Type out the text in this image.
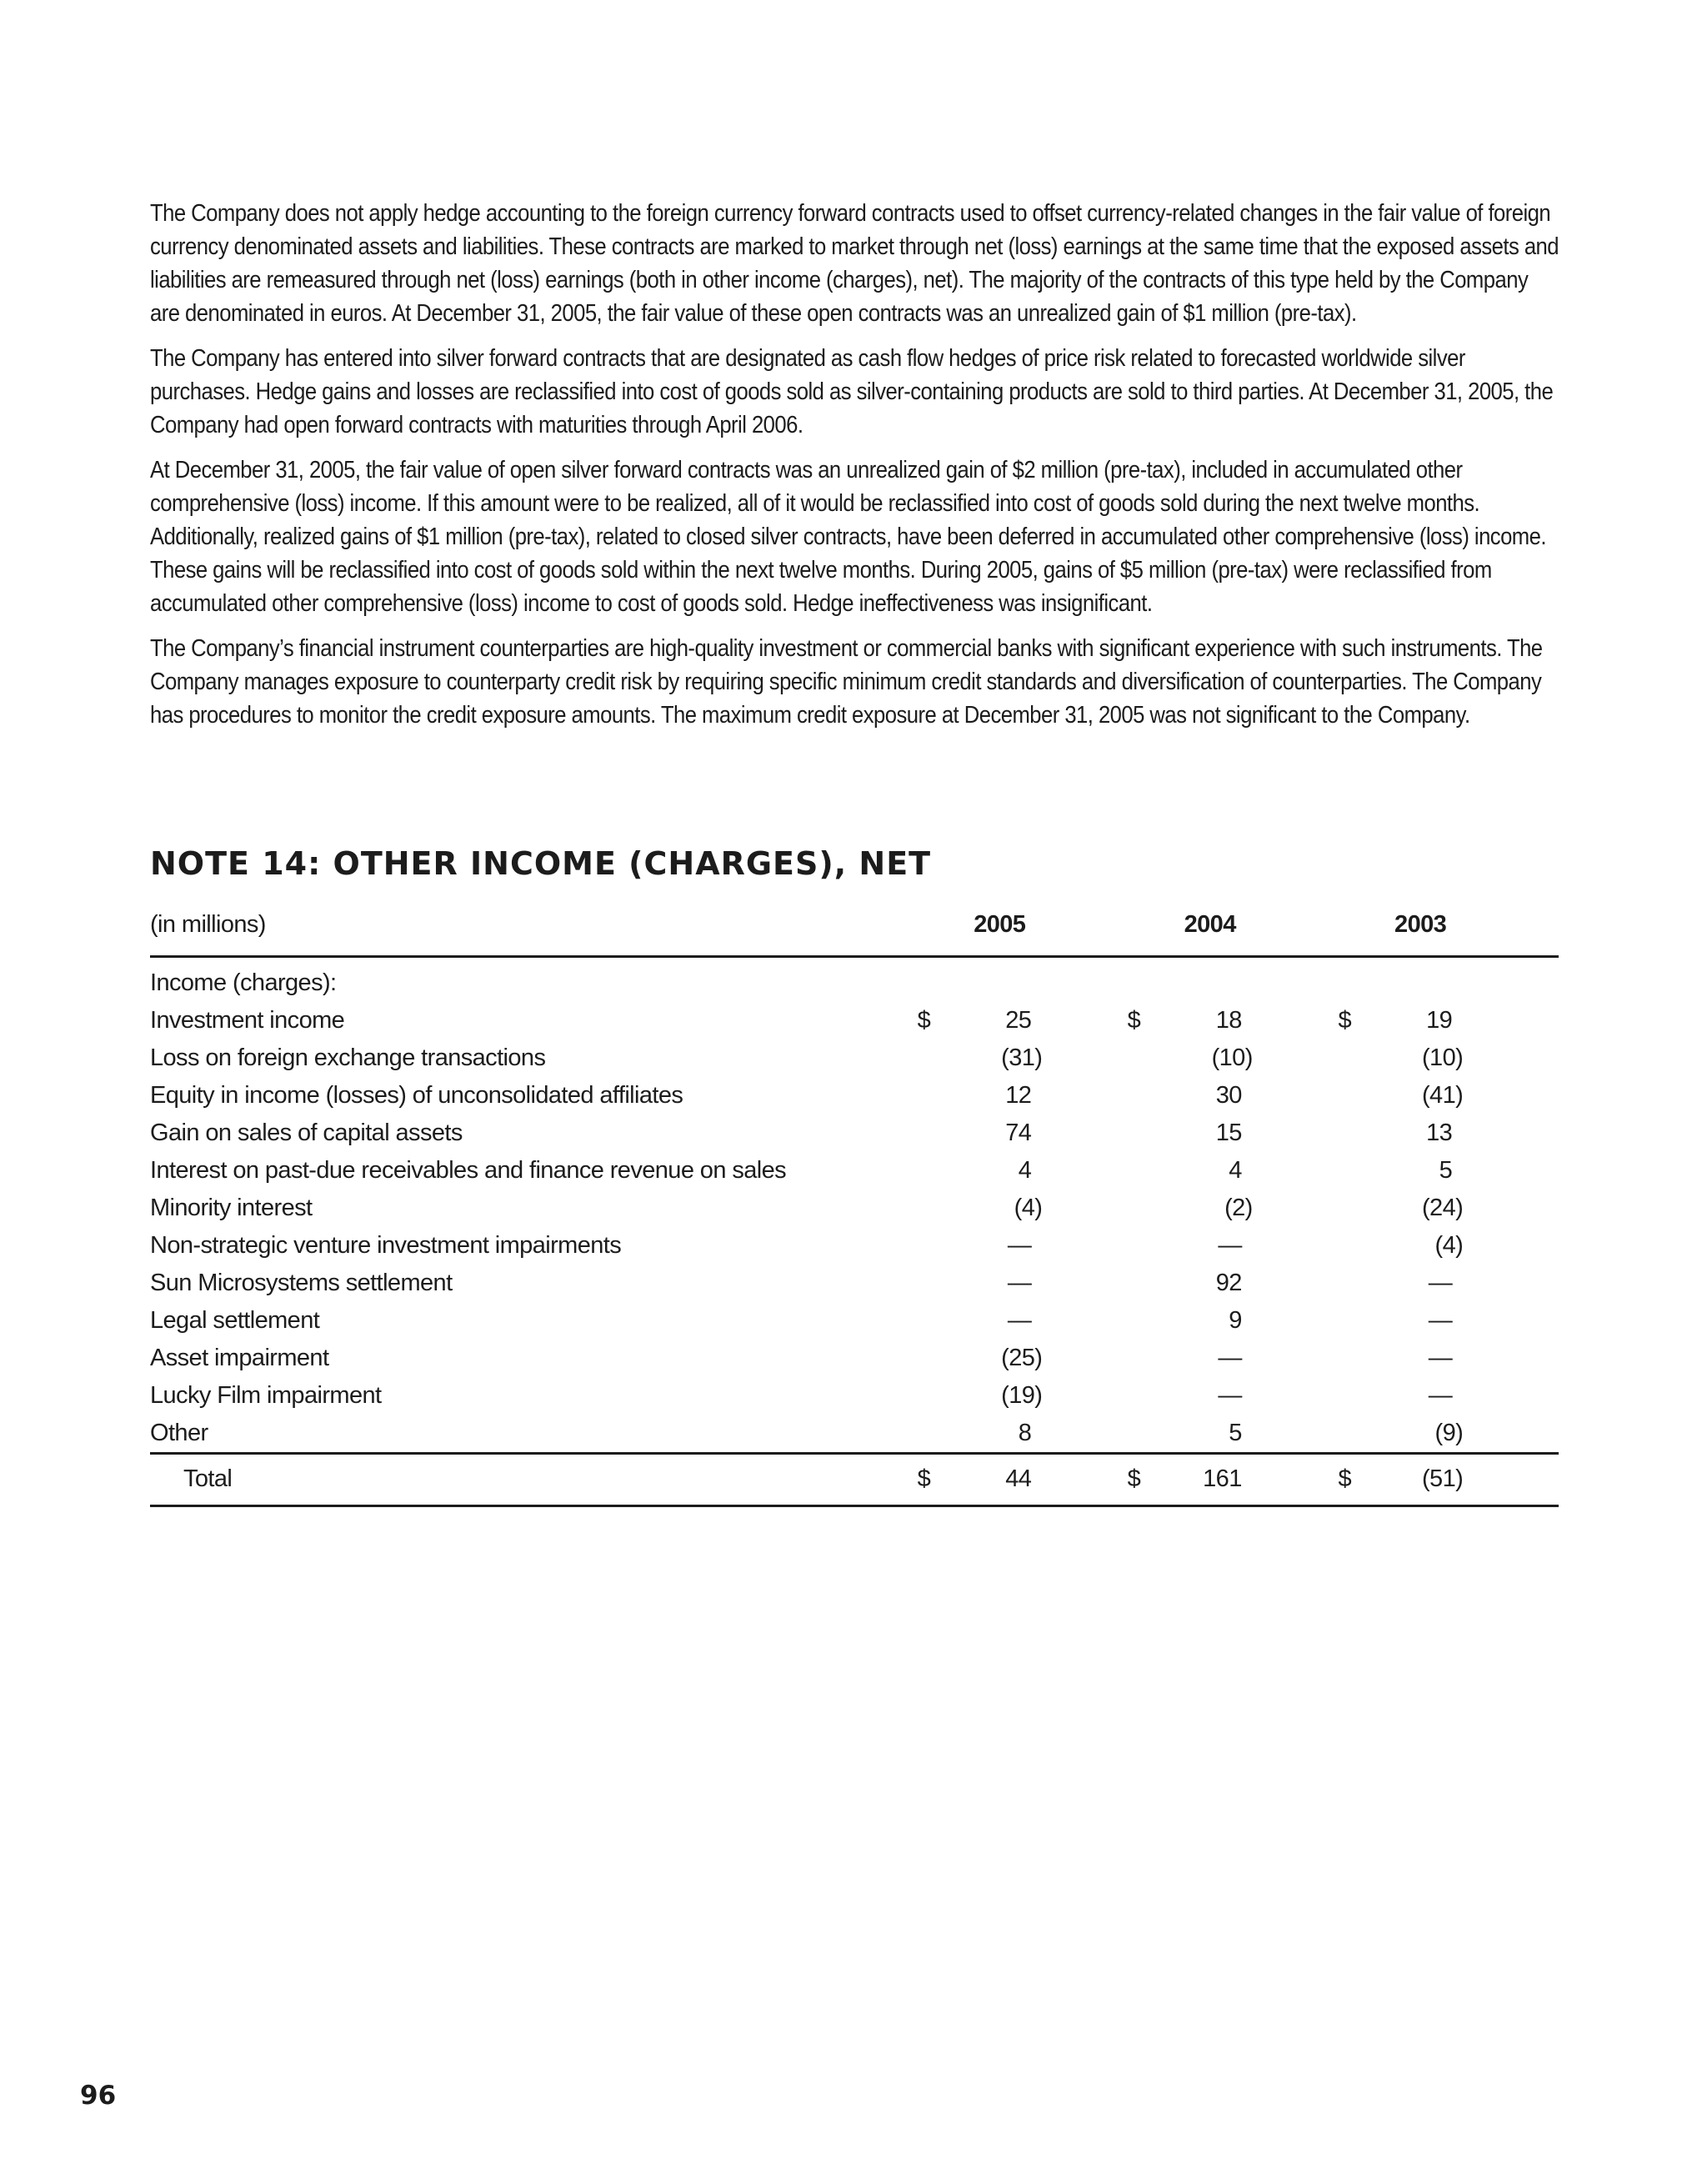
The Company does not apply hedge accounting to the foreign currency forward contracts used to offset currency-related changes in the fair value of foreign currency denominated assets and liabilities. These contracts are marked to market through net (loss) earnings at the same time that the exposed assets and liabilities are remeasured through net (loss) earnings (both in other income (charges), net). The majority of the contracts of this type held by the Company are denominated in euros. At December 31, 2005, the fair value of these open contracts was an unrealized gain of $1 million (pre-tax).

The Company has entered into silver forward contracts that are designated as cash flow hedges of price risk related to forecasted worldwide silver purchases. Hedge gains and losses are reclassified into cost of goods sold as silver-containing products are sold to third parties. At December 31, 2005, the Company had open forward contracts with maturities through April 2006.

At December 31, 2005, the fair value of open silver forward contracts was an unrealized gain of $2 million (pre-tax), included in accumulated other comprehensive (loss) income. If this amount were to be realized, all of it would be reclassified into cost of goods sold during the next twelve months. Additionally, realized gains of $1 million (pre-tax), related to closed silver contracts, have been deferred in accumulated other comprehensive (loss) income. These gains will be reclassified into cost of goods sold within the next twelve months. During 2005, gains of $5 million (pre-tax) were reclassified from accumulated other comprehensive (loss) income to cost of goods sold. Hedge ineffectiveness was insignificant.

The Company’s financial instrument counterparties are high-quality investment or commercial banks with significant experience with such instruments. The Company manages exposure to counterparty credit risk by requiring specific minimum credit standards and diversification of counterparties. The Company has procedures to monitor the credit exposure amounts. The maximum credit exposure at December 31, 2005 was not significant to the Company.

NOTE 14: OTHER INCOME (CHARGES), NET
(in millions)	2005			2004			2003		
Income (charges):									
Investment income	$	25		$	18		$	19	
Loss on foreign exchange transactions		(31)			(10)			(10)	
Equity in income (losses) of unconsolidated affiliates		12			30			(41)	
Gain on sales of capital assets		74			15			13	
Interest on past-due receivables and finance revenue on sales		4			4			5	
Minority interest		(4)			(2)			(24)	
Non-strategic venture investment impairments		—			—			(4)	
Sun Microsystems settlement		—			92			—	
Legal settlement		—			9			—	
Asset impairment		(25)			—			—	
Lucky Film impairment		(19)			—			—	
Other		8			5			(9)	
Total	$	44		$	161		$	(51)	
96
